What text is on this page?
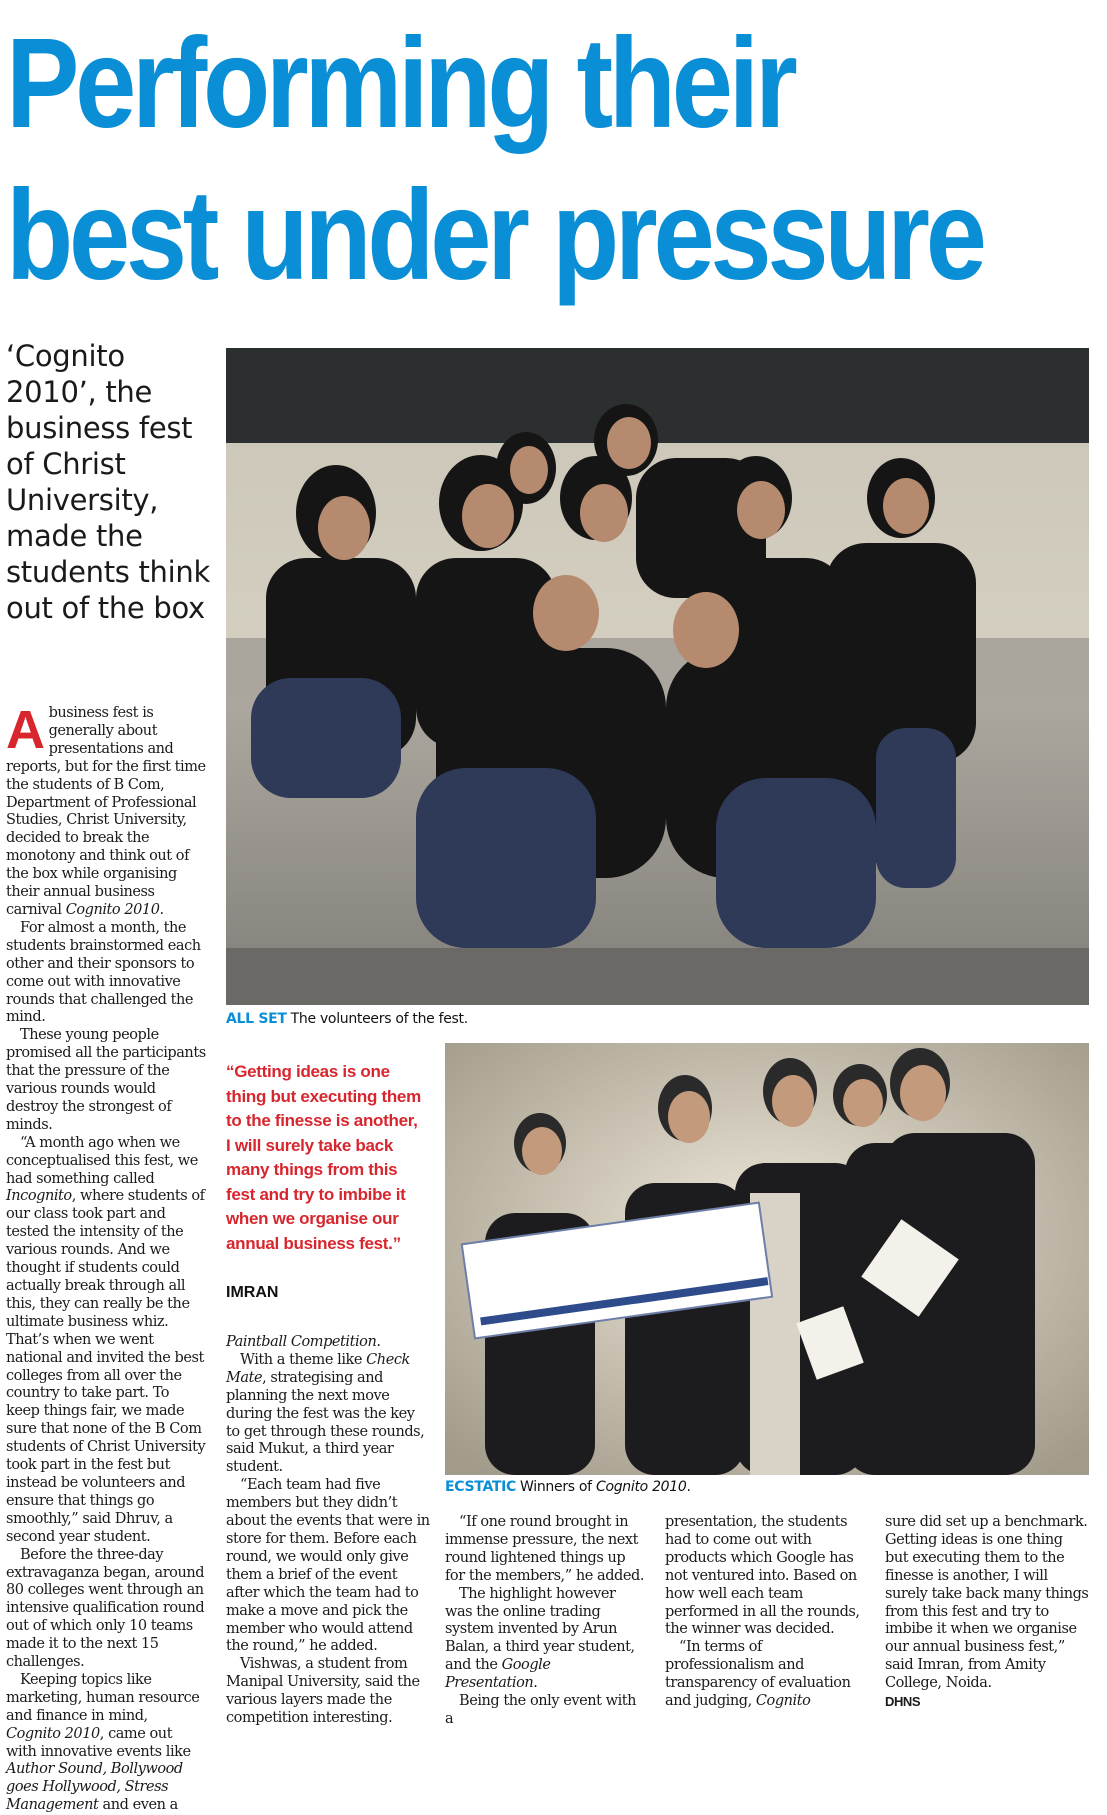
Performing their
best under pressure
‘Cognito 2010’, the business fest of Christ University, made the students think out of the box
ALL SET The volunteers of the fest.
“Getting ideas is one thing but executing them to the finesse is another, I will surely take back many things from this fest and try to imbibe it when we organise our annual business fest.”
IMRAN
ECSTATIC Winners of Cognito 2010.

Abusiness fest is generally about presentations and reports, but for the first time the students of B Com, Department of Professional Studies, Christ University, decided to break the monotony and think out of the box while organising their annual business carnival Cognito 2010.

For almost a month, the students brainstormed each other and their sponsors to come out with innovative rounds that challenged the mind.

These young people promised all the participants that the pressure of the various rounds would destroy the strongest of minds.

“A month ago when we conceptualised this fest, we had something called Incognito, where students of our class took part and tested the intensity of the various rounds. And we thought if students could actually break through all this, they can really be the ultimate business whiz. That’s when we went national and invited the best colleges from all over the country to take part. To keep things fair, we made sure that none of the B Com students of Christ University took part in the fest but instead be volunteers and ensure that things go smoothly,” said Dhruv, a second year student.

Before the three-day extravaganza began, around 80 colleges went through an intensive qualification round out of which only 10 teams made it to the next 15 challenges.

Keeping topics like marketing, human resource and finance in mind, Cognito 2010, came out with innovative events like Author Sound, Bollywood goes Hollywood, Stress Management and even a

Paintball Competition.

With a theme like Check Mate, strategising and planning the next move during the fest was the key to get through these rounds, said Mukut, a third year student.

“Each team had five members but they didn’t about the events that were in store for them. Before each round, we would only give them a brief of the event after which the team had to make a move and pick the member who would attend the round,” he added.

Vishwas, a student from Manipal University, said the various layers made the competition interesting.

“If one round brought in immense pressure, the next round lightened things up for the members,” he added.

The highlight however was the online trading system invented by Arun Balan, a third year student, and the Google Presentation.

Being the only event with a

presentation, the students had to come out with products which Google has not ventured into. Based on how well each team performed in all the rounds, the winner was decided.

“In terms of professionalism and transparency of evaluation and judging, Cognito

sure did set up a benchmark. Getting ideas is one thing but executing them to the finesse is another, I will surely take back many things from this fest and try to imbibe it when we organise our annual business fest,” said Imran, from Amity College, Noida.

DHNS
